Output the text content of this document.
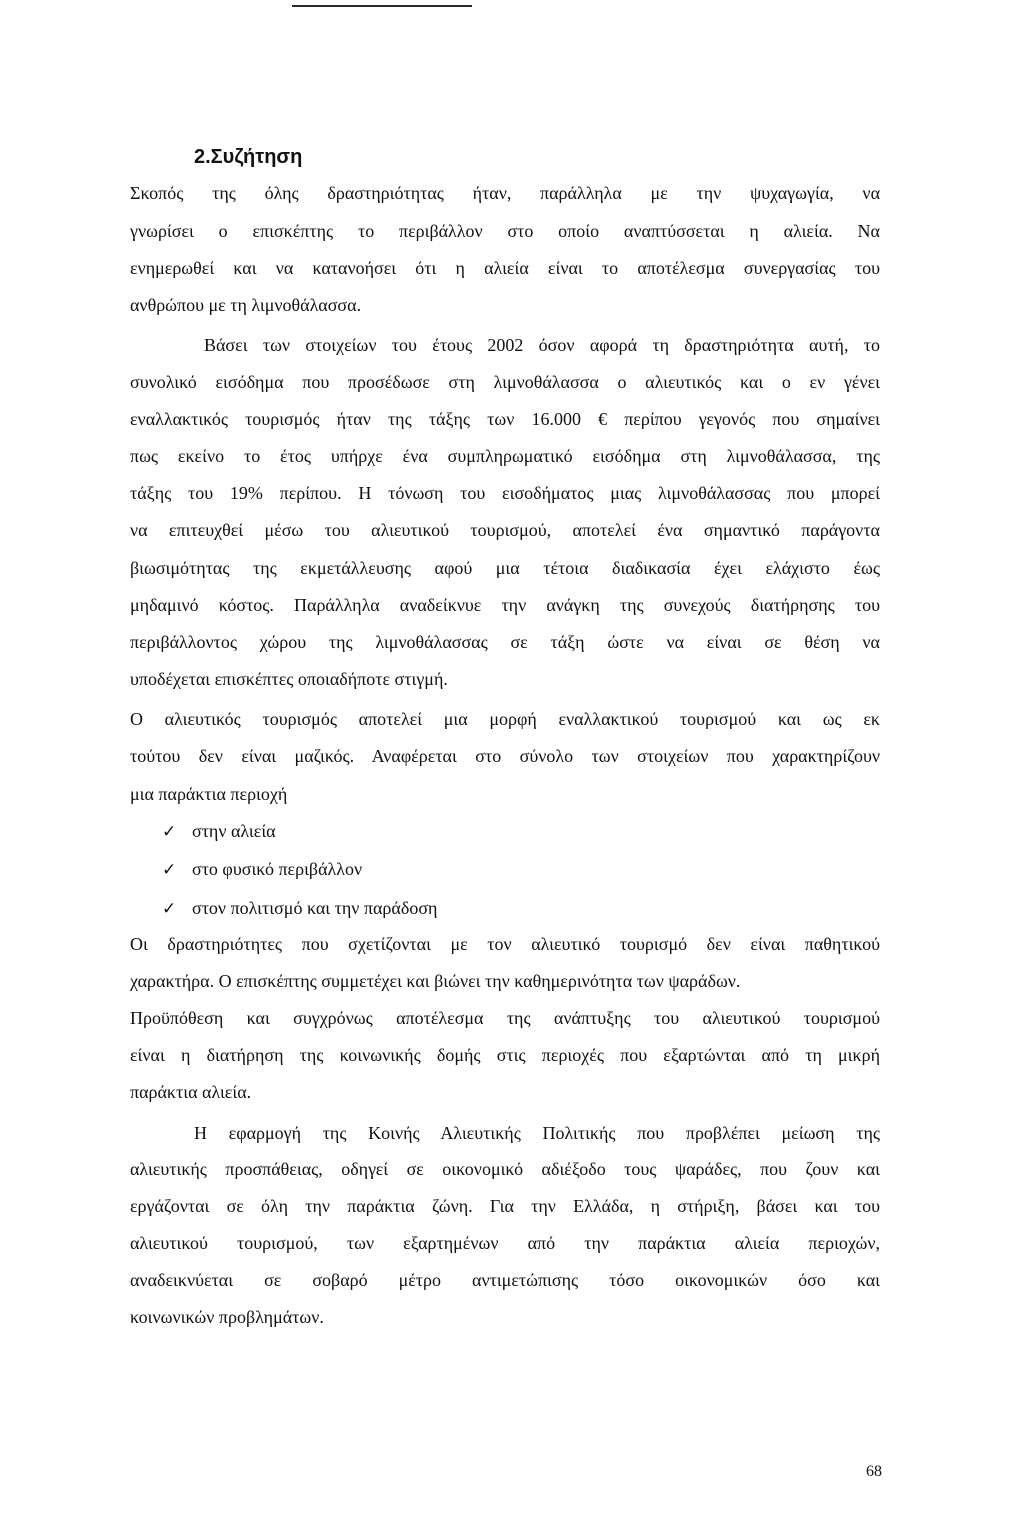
2.Συζήτηση

Σκοπός της όλης δραστηριότητας ήταν, παράλληλα με την ψυχαγωγία, να

γνωρίσει ο επισκέπτης το περιβάλλον στο οποίο αναπτύσσεται η αλιεία. Να

ενημερωθεί και να κατανοήσει ότι η αλιεία είναι το αποτέλεσμα συνεργασίας του

ανθρώπου με τη λιμνοθάλασσα.

Βάσει των στοιχείων του έτους 2002 όσον αφορά τη δραστηριότητα αυτή, το

συνολικό εισόδημα που προσέδωσε στη λιμνοθάλασσα ο αλιευτικός και ο εν γένει

εναλλακτικός τουρισμός ήταν της τάξης των 16.000 € περίπου γεγονός που σημαίνει

πως εκείνο το έτος υπήρχε ένα συμπληρωματικό εισόδημα στη λιμνοθάλασσα, της

τάξης του 19% περίπου. Η τόνωση του εισοδήματος μιας λιμνοθάλασσας που μπορεί

να επιτευχθεί μέσω του αλιευτικού τουρισμού, αποτελεί ένα σημαντικό παράγοντα

βιωσιμότητας της εκμετάλλευσης αφού μια τέτοια διαδικασία έχει ελάχιστο έως

μηδαμινό κόστος. Παράλληλα αναδείκνυε την ανάγκη της συνεχούς διατήρησης του

περιβάλλοντος χώρου της λιμνοθάλασσας σε τάξη ώστε να είναι σε θέση να

υποδέχεται επισκέπτες οποιαδήποτε στιγμή.

Ο αλιευτικός τουρισμός αποτελεί μια μορφή εναλλακτικού τουρισμού και ως εκ

τούτου δεν είναι μαζικός. Αναφέρεται στο σύνολο των στοιχείων που χαρακτηρίζουν

μια παράκτια περιοχή

✓ στην αλιεία

✓ στο φυσικό περιβάλλον

✓ στον πολιτισμό και την παράδοση

Οι δραστηριότητες που σχετίζονται με τον αλιευτικό τουρισμό δεν είναι παθητικού

χαρακτήρα. Ο επισκέπτης συμμετέχει και βιώνει την καθημερινότητα των ψαράδων.

Προϋπόθεση και συγχρόνως αποτέλεσμα της ανάπτυξης του αλιευτικού τουρισμού

είναι η διατήρηση της κοινωνικής δομής στις περιοχές που εξαρτώνται από τη μικρή

παράκτια αλιεία.

Η εφαρμογή της Κοινής Αλιευτικής Πολιτικής που προβλέπει μείωση της

αλιευτικής προσπάθειας, οδηγεί σε οικονομικό αδιέξοδο τους ψαράδες, που ζουν και

εργάζονται σε όλη την παράκτια ζώνη. Για την Ελλάδα, η στήριξη, βάσει και του

αλιευτικού τουρισμού, των εξαρτημένων από την παράκτια αλιεία περιοχών,

αναδεικνύεται σε σοβαρό μέτρο αντιμετώπισης τόσο οικονομικών όσο και

κοινωνικών προβλημάτων.

68
